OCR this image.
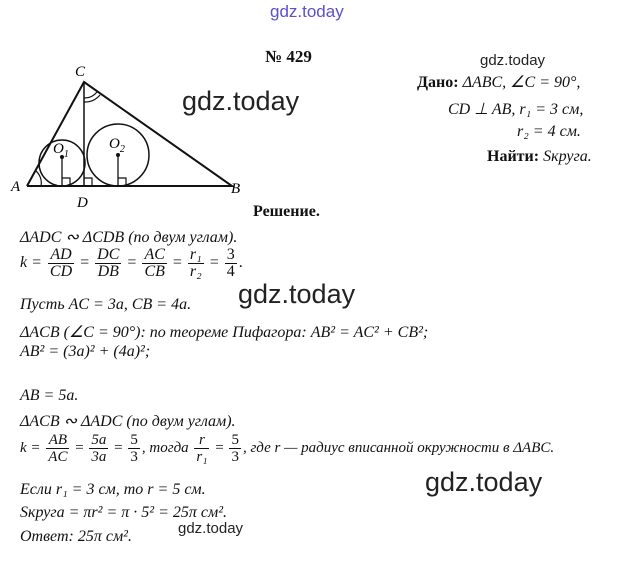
gdz.today
gdz.today
gdz.today
gdz.today
gdz.today
gdz.today
№ 429
Дано: ΔABC, ∠C = 90°,
CD ⊥ AB, r₁ = 3 см,
r₂ = 4 см.
Найти: Sкруга.
C
A	B
D
$O_1$
$O_2$
Решение.
ΔADC ∾ ΔCDB (по двум углам).
$k = \frac{AD}{CD} = \frac{DC}{DB} = \frac{AC}{CB} = \frac{\text{r₁}}{\text{r₂}} = \frac{3}{4}$ .
Пусть AC = 3a, CB = 4a.
ΔACB (∠C = 90°): по теореме Пифагора: AB² = AC² + CB²;
AB² = (3a)² + (4a)²;
AB = 5a.
ΔACB ∾ ΔADC (по двум углам).
$k = \frac{AB}{AC} = \frac{5a}{3a} = \frac{5}{3}$ , тогда $\frac{r}{\text{r₁}} = \frac{5}{3}$ , где r — радиус вписанной окружности в ΔABC.
Если r₁ = 3 см, то r = 5 см.
Sкруга = πr² = π · 5² = 25π см².
Ответ: 25π см².
